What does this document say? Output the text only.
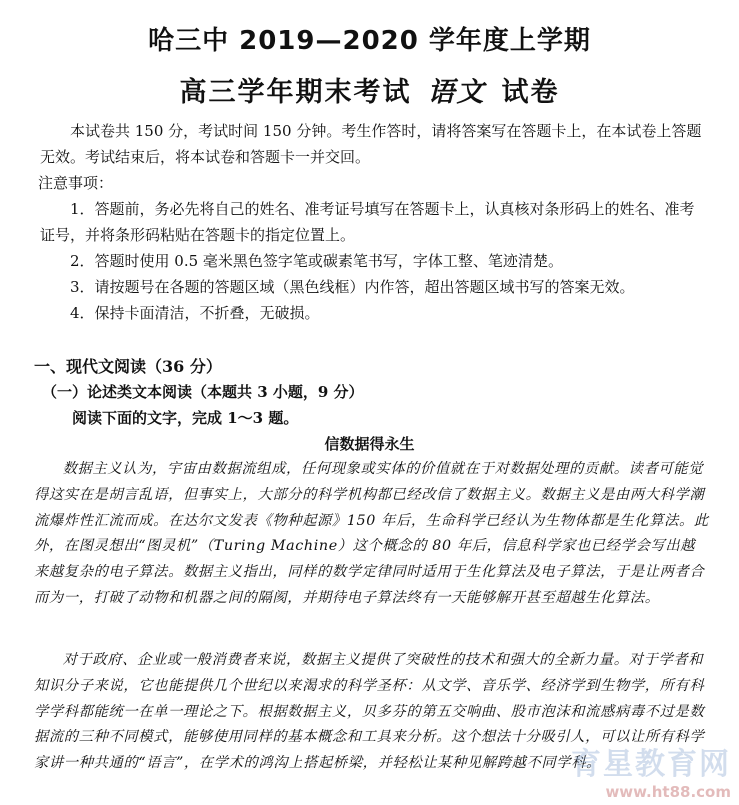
哈三中 2019—2020 学年度上学期
高三学年期末考试 语文 试卷

本试卷共 150 分，考试时间 150 分钟。考生作答时，请将答案写在答题卡上，在本试卷上答题无效。考试结束后，将本试卷和答题卡一并交回。

注意事项：

1．答题前，务必先将自己的姓名、准考证号填写在答题卡上，认真核对条形码上的姓名、准考证号，并将条形码粘贴在答题卡的指定位置上。

2．答题时使用 0.5 毫米黑色签字笔或碳素笔书写，字体工整、笔迹清楚。

3．请按题号在各题的答题区域（黑色线框）内作答，超出答题区域书写的答案无效。

4．保持卡面清洁，不折叠，无破损。

一、现代文阅读（36 分）
（一）论述类文本阅读（本题共 3 小题，9 分）
阅读下面的文字，完成 1～3 题。
信数据得永生

数据主义认为，宇宙由数据流组成，任何现象或实体的价值就在于对数据处理的贡献。读者可能觉得这实在是胡言乱语，但事实上，大部分的科学机构都已经改信了数据主义。数据主义是由两大科学潮流爆炸性汇流而成。在达尔文发表《物种起源》150 年后，生命科学已经认为生物体都是生化算法。此外，在图灵想出“图灵机”（Turing Machine）这个概念的 80 年后，信息科学家也已经学会写出越来越复杂的电子算法。数据主义指出，同样的数学定律同时适用于生化算法及电子算法，于是让两者合而为一，打破了动物和机器之间的隔阂，并期待电子算法终有一天能够解开甚至超越生化算法。

对于政府、企业或一般消费者来说，数据主义提供了突破性的技术和强大的全新力量。对于学者和知识分子来说，它也能提供几个世纪以来渴求的科学圣杯：从文学、音乐学、经济学到生物学，所有科学学科都能统一在单一理论之下。根据数据主义，贝多芬的第五交响曲、股市泡沫和流感病毒不过是数据流的三种不同模式，能够使用同样的基本概念和工具来分析。这个想法十分吸引人，可以让所有科学家讲一种共通的“语言”，在学术的鸿沟上搭起桥梁，并轻松让某种见解跨越不同学科。

育星教育网
www.ht88.com
